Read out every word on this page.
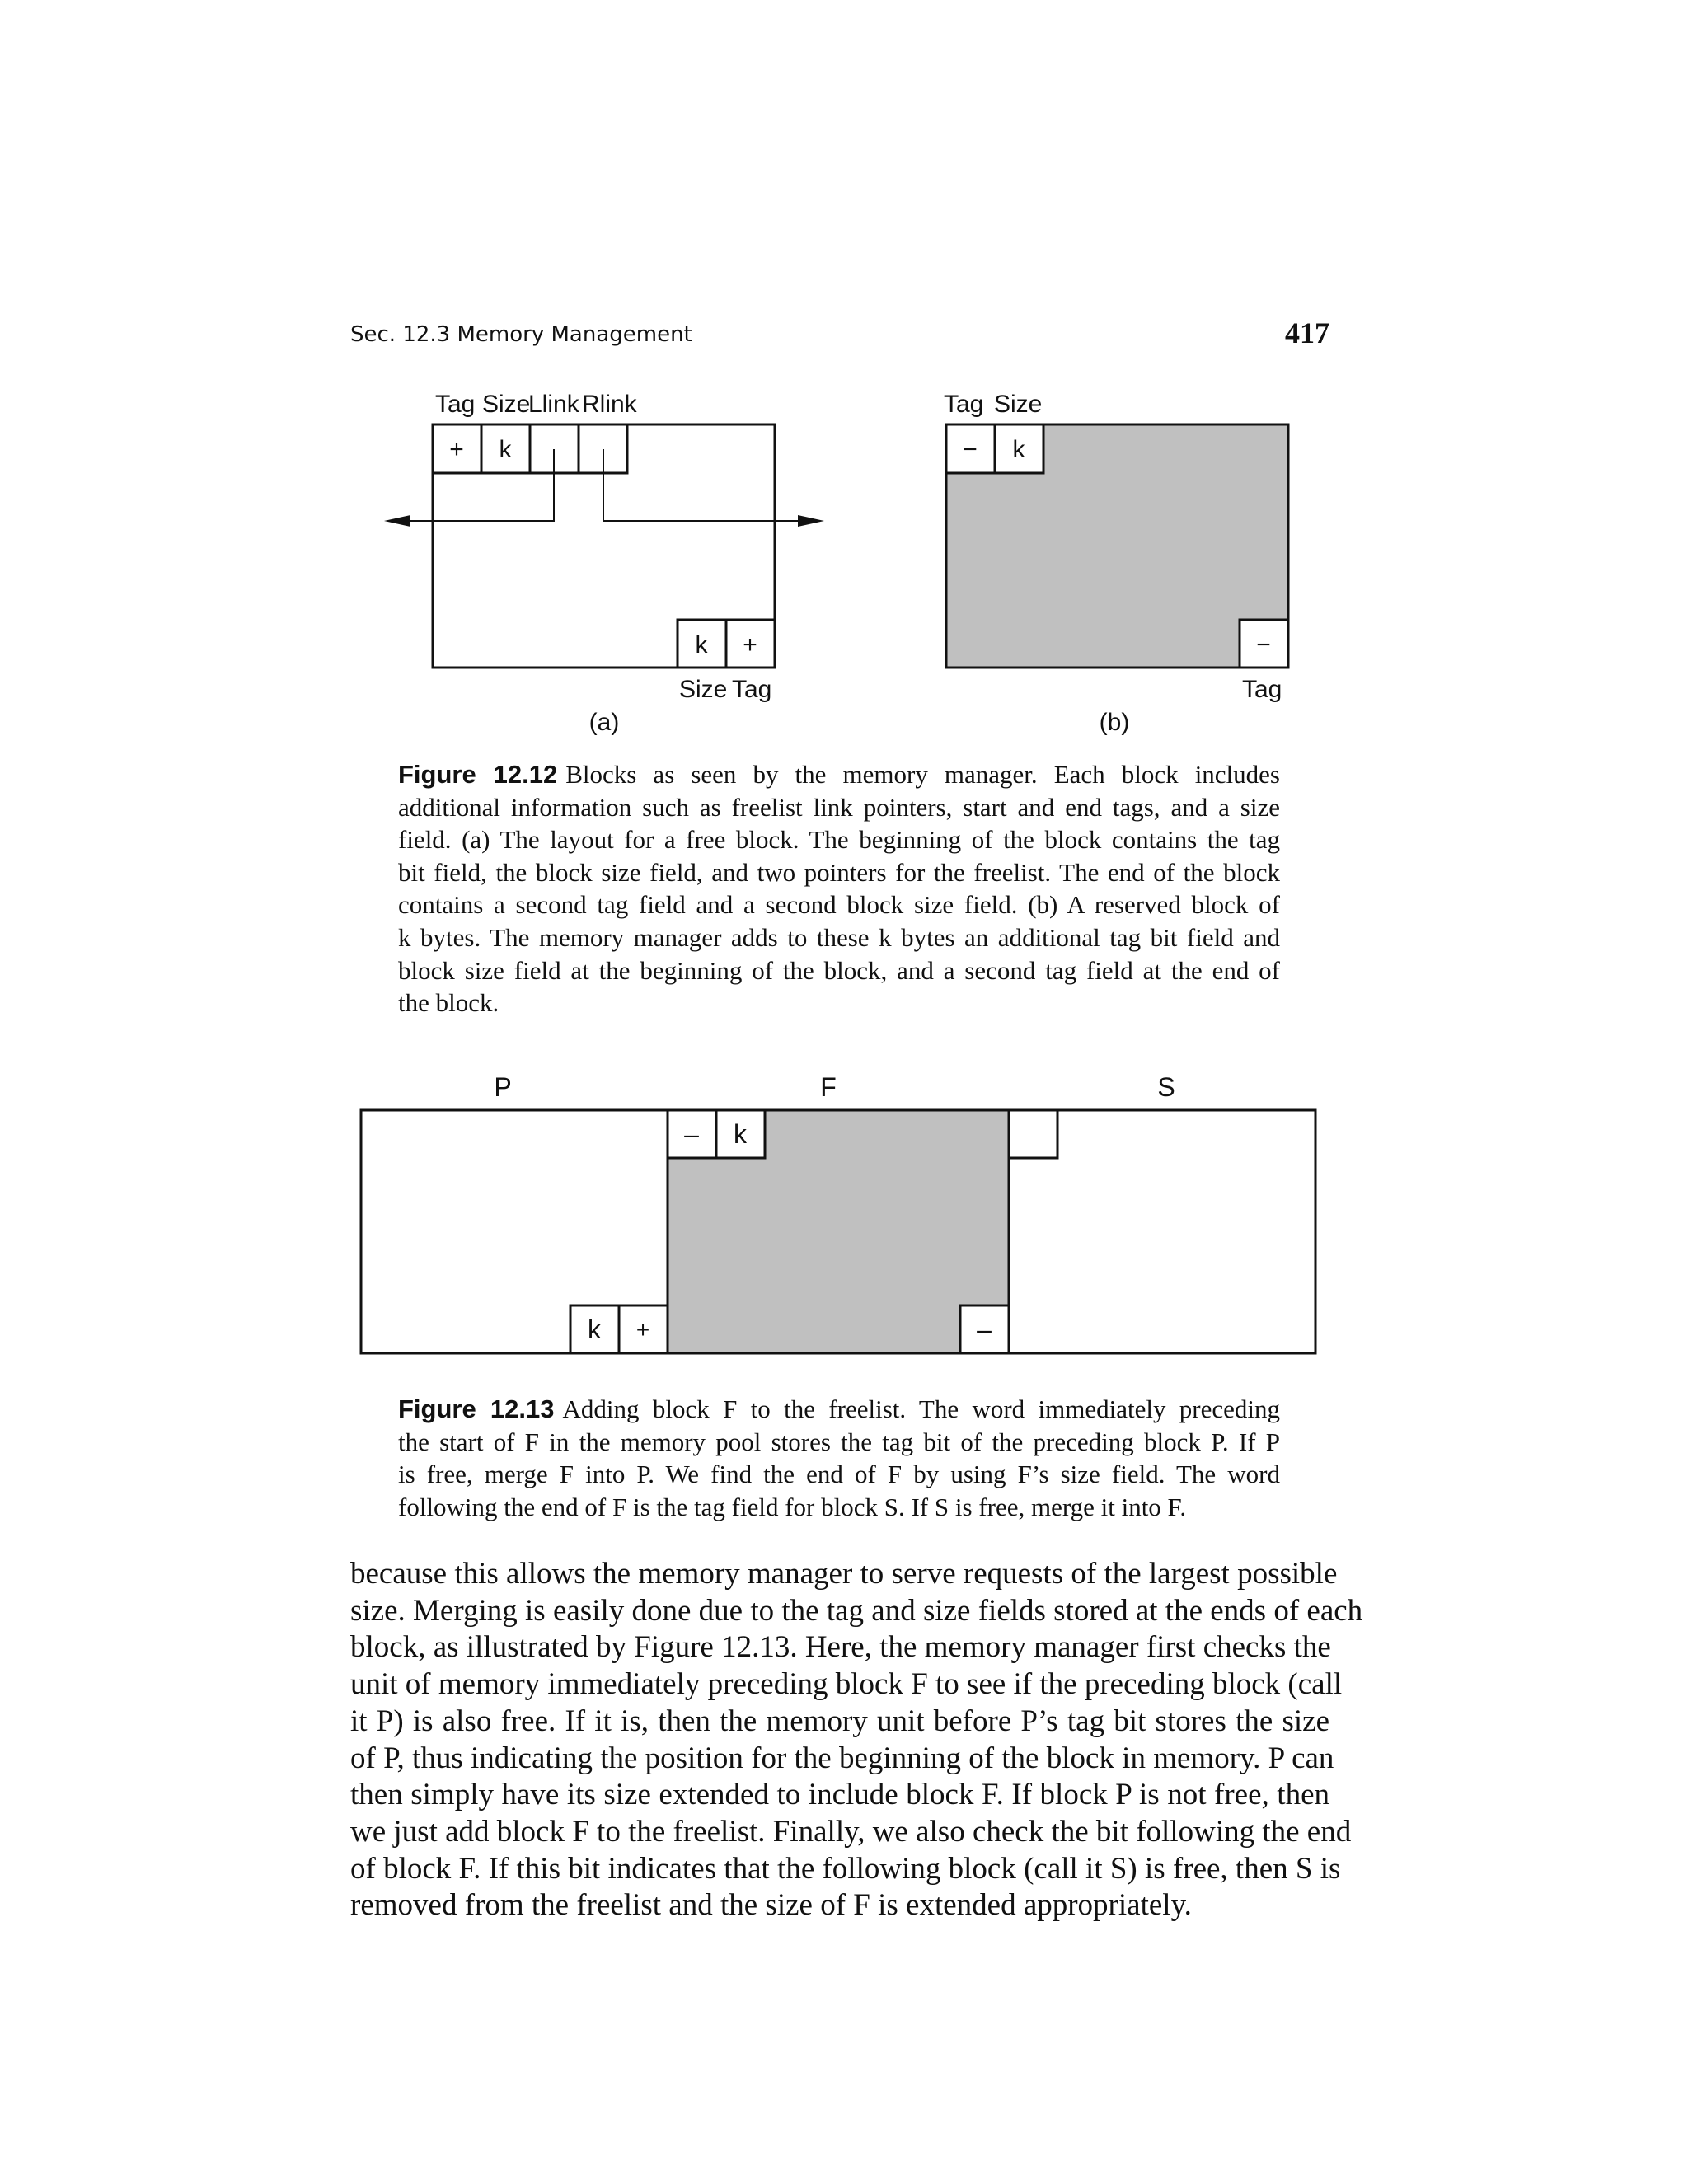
Sec. 12.3 Memory Management	417
Tag Size
Llink Rlink
+ k
k +
Size Tag
(a)
Tag Size
− k
−
Tag
(b)

Figure 12.12 Blocks as seen by the memory manager. Each block includes
additional information such as freelist link pointers, start and end tags, and a size
field. (a) The layout for a free block. The beginning of the block contains the tag
bit field, the block size field, and two pointers for the freelist. The end of the block
contains a second tag field and a second block size field. (b) A reserved block of
k bytes. The memory manager adds to these k bytes an additional tag bit field and
block size field at the beginning of the block, and a second tag field at the end of
the block.

P	F	S
– k
k +	–

Figure 12.13 Adding block F to the freelist. The word immediately preceding
the start of F in the memory pool stores the tag bit of the preceding block P. If P
is free, merge F into P. We find the end of F by using F’s size field. The word
following the end of F is the tag field for block S. If S is free, merge it into F.

because this allows the memory manager to serve requests of the largest possible
size. Merging is easily done due to the tag and size fields stored at the ends of each
block, as illustrated by Figure 12.13. Here, the memory manager first checks the
unit of memory immediately preceding block F to see if the preceding block (call
it P) is also free. If it is, then the memory unit before P’s tag bit stores the size
of P, thus indicating the position for the beginning of the block in memory. P can
then simply have its size extended to include block F. If block P is not free, then
we just add block F to the freelist. Finally, we also check the bit following the end
of block F. If this bit indicates that the following block (call it S) is free, then S is
removed from the freelist and the size of F is extended appropriately.
